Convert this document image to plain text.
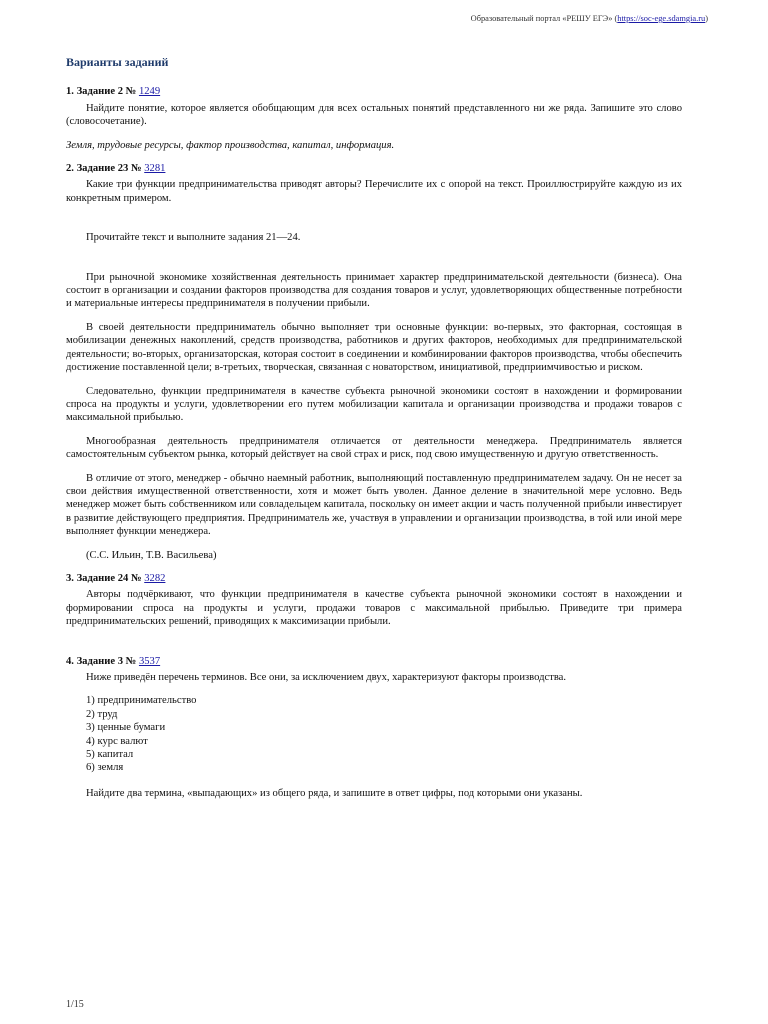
Образовательный портал «РЕШУ ЕГЭ» (https://soc-ege.sdamgia.ru)
Варианты заданий
1. Задание 2 № 1249

Найдите понятие, которое является обобщающим для всех остальных понятий представленного ни же ряда. Запишите это слово (словосочетание).

Земля, трудовые ресурсы, фактор производства, капитал, информация.

2. Задание 23 № 3281

Какие три функции предпринимательства приводят авторы? Перечислите их с опорой на текст. Проиллюстрируйте каждую из их конкретным примером.

Прочитайте текст и выполните задания 21—24.

При рыночной экономике хозяйственная деятельность принимает характер предпринимательской деятельности (бизнеса). Она состоит в организации и создании факторов производства для создания товаров и услуг, удовлетворяющих общественные потребности и материальные интересы предпринимателя в получении прибыли.

В своей деятельности предприниматель обычно выполняет три основные функции: во-первых, это факторная, состоящая в мобилизации денежных накоплений, средств производства, работников и других факторов, необходимых для предпринимательской деятельности; во-вторых, организаторская, которая состоит в соединении и комбинировании факторов производства, чтобы обеспечить достижение поставленной цели; в-третьих, творческая, связанная с новаторством, инициативой, предприимчивостью и риском.

Следовательно, функции предпринимателя в качестве субъекта рыночной экономики состоят в нахождении и формировании спроса на продукты и услуги, удовлетворении его путем мобилизации капитала и организации производства и продажи товаров с максимальной прибылью.

Многообразная деятельность предпринимателя отличается от деятельности менеджера. Предприниматель является самостоятельным субъектом рынка, который действует на свой страх и риск, под свою имущественную и другую ответственность.

В отличие от этого, менеджер - обычно наемный работник, выполняющий поставленную предпринимателем задачу. Он не несет за свои действия имущественной ответственности, хотя и может быть уволен. Данное деление в значительной мере условно. Ведь менеджер может быть собственником или совладельцем капитала, поскольку он имеет акции и часть полученной прибыли инвестирует в развитие действующего предприятия. Предприниматель же, участвуя в управлении и организации производства, в той или иной мере выполняет функции менеджера.

(С.С. Ильин, Т.В. Васильева)

3. Задание 24 № 3282

Авторы подчёркивают, что функции предпринимателя в качестве субъекта рыночной экономики состоят в нахождении и формировании спроса на продукты и услуги, продажи товаров с максимальной прибылью. Приведите три примера предпринимательских решений, приводящих к максимизации прибыли.

4. Задание 3 № 3537

Ниже приведён перечень терминов. Все они, за исключением двух, характеризуют факторы производства.

1) предпринимательство
2) труд
3) ценные бумаги
4) курс валют
5) капитал
6) земля

Найдите два термина, «выпадающих» из общего ряда, и запишите в ответ цифры, под которыми они указаны.

1/15
